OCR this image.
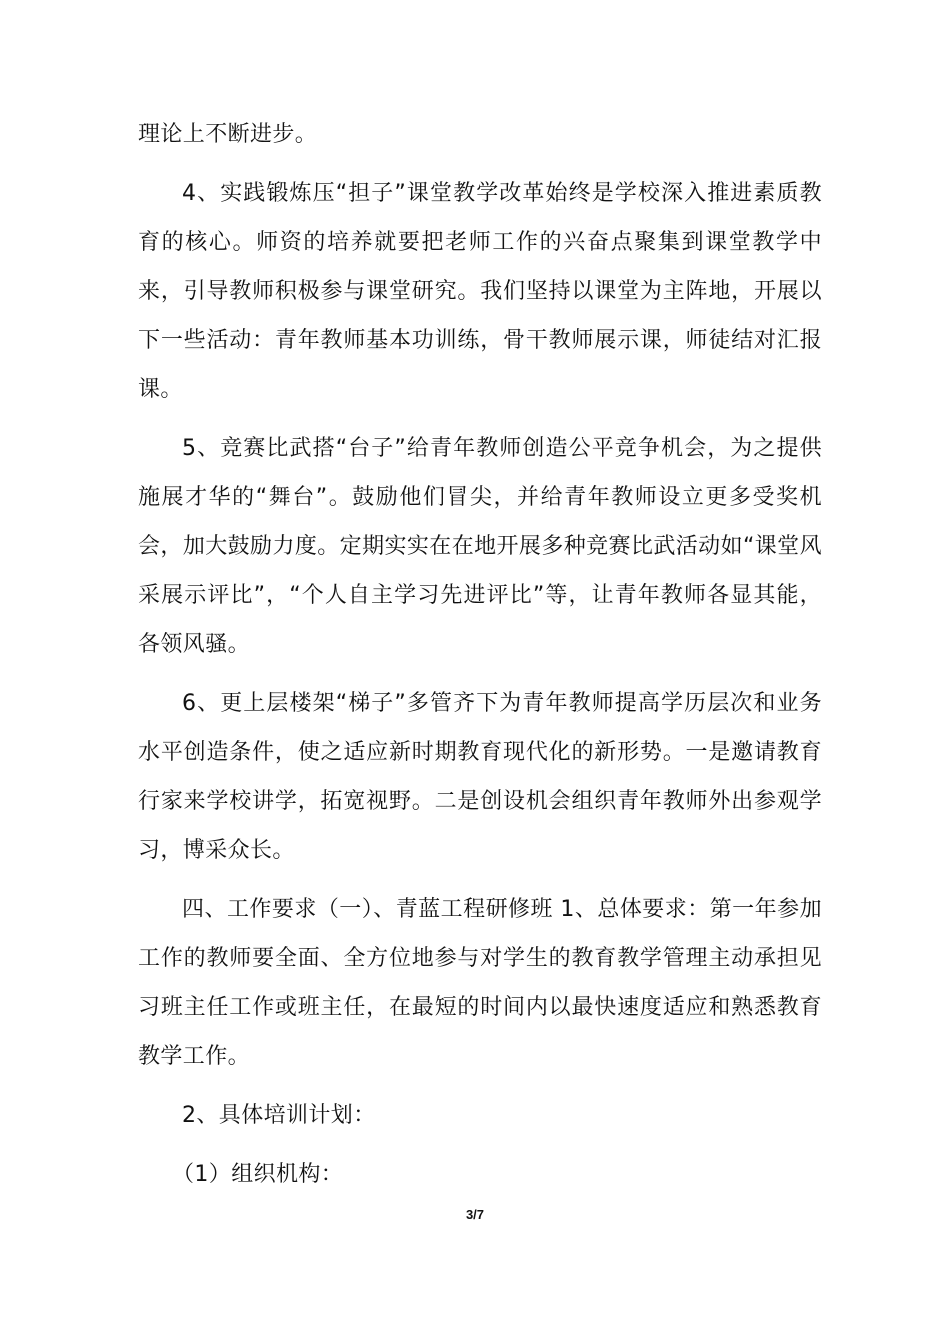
理论上不断进步。

4、实践锻炼压“担子”课堂教学改革始终是学校深入推进素质教育的核心。师资的培养就要把老师工作的兴奋点聚集到课堂教学中来，引导教师积极参与课堂研究。我们坚持以课堂为主阵地，开展以下一些活动：青年教师基本功训练，骨干教师展示课，师徒结对汇报课。

5、竞赛比武搭“台子”给青年教师创造公平竞争机会，为之提供施展才华的“舞台”。鼓励他们冒尖，并给青年教师设立更多受奖机会，加大鼓励力度。定期实实在在地开展多种竞赛比武活动如“课堂风采展示评比”，“个人自主学习先进评比”等，让青年教师各显其能，各领风骚。

6、更上层楼架“梯子”多管齐下为青年教师提高学历层次和业务水平创造条件，使之适应新时期教育现代化的新形势。一是邀请教育行家来学校讲学，拓宽视野。二是创设机会组织青年教师外出参观学习，博采众长。

四、工作要求（一）、青蓝工程研修班 1、总体要求：第一年参加工作的教师要全面、全方位地参与对学生的教育教学管理主动承担见习班主任工作或班主任，在最短的时间内以最快速度适应和熟悉教育教学工作。

2、具体培训计划：

（1）组织机构：

3/7
